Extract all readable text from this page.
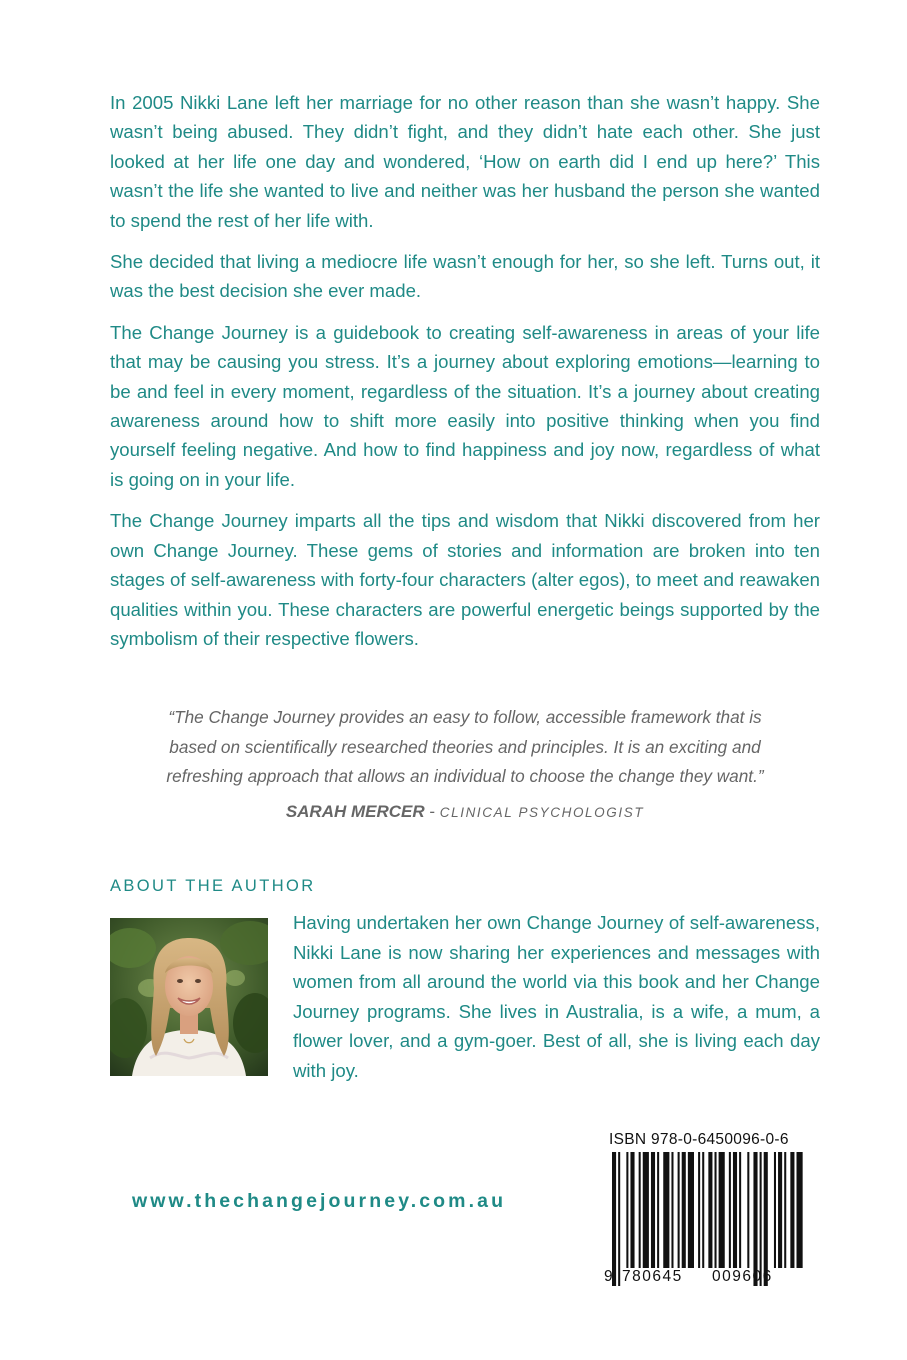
In 2005 Nikki Lane left her marriage for no other reason than she wasn’t happy. She wasn’t being abused. They didn’t fight, and they didn’t hate each other. She just looked at her life one day and wondered, ‘How on earth did I end up here?’ This wasn’t the life she wanted to live and neither was her husband the person she wanted to spend the rest of her life with.

She decided that living a mediocre life wasn’t enough for her, so she left. Turns out, it was the best decision she ever made.

The Change Journey is a guidebook to creating self-awareness in areas of your life that may be causing you stress. It’s a journey about exploring emotions—learning to be and feel in every moment, regardless of the situation. It’s a journey about creating awareness around how to shift more easily into positive thinking when you find yourself feeling negative. And how to find happiness and joy now, regardless of what is going on in your life.

The Change Journey imparts all the tips and wisdom that Nikki discovered from her own Change Journey. These gems of stories and information are broken into ten stages of self-awareness with forty-four characters (alter egos), to meet and reawaken qualities within you. These characters are powerful energetic beings supported by the symbolism of their respective flowers.

“The Change Journey provides an easy to follow, accessible framework that is
based on scientifically researched theories and principles. It is an exciting and
refreshing approach that allows an individual to choose the change they want.”
SARAH MERCER - CLINICAL PSYCHOLOGIST
ABOUT THE AUTHOR

Having undertaken her own Change Journey of self-awareness, Nikki Lane is now sharing her experiences and messages with women from all around the world via this book and her Change Journey programs. She lives in Australia, is a wife, a mum, a flower lover, and a gym-goer. Best of all, she is living each day with joy.

www.thechangejourney.com.au
ISBN 978-0-6450096-0-6
9 780645 009606
